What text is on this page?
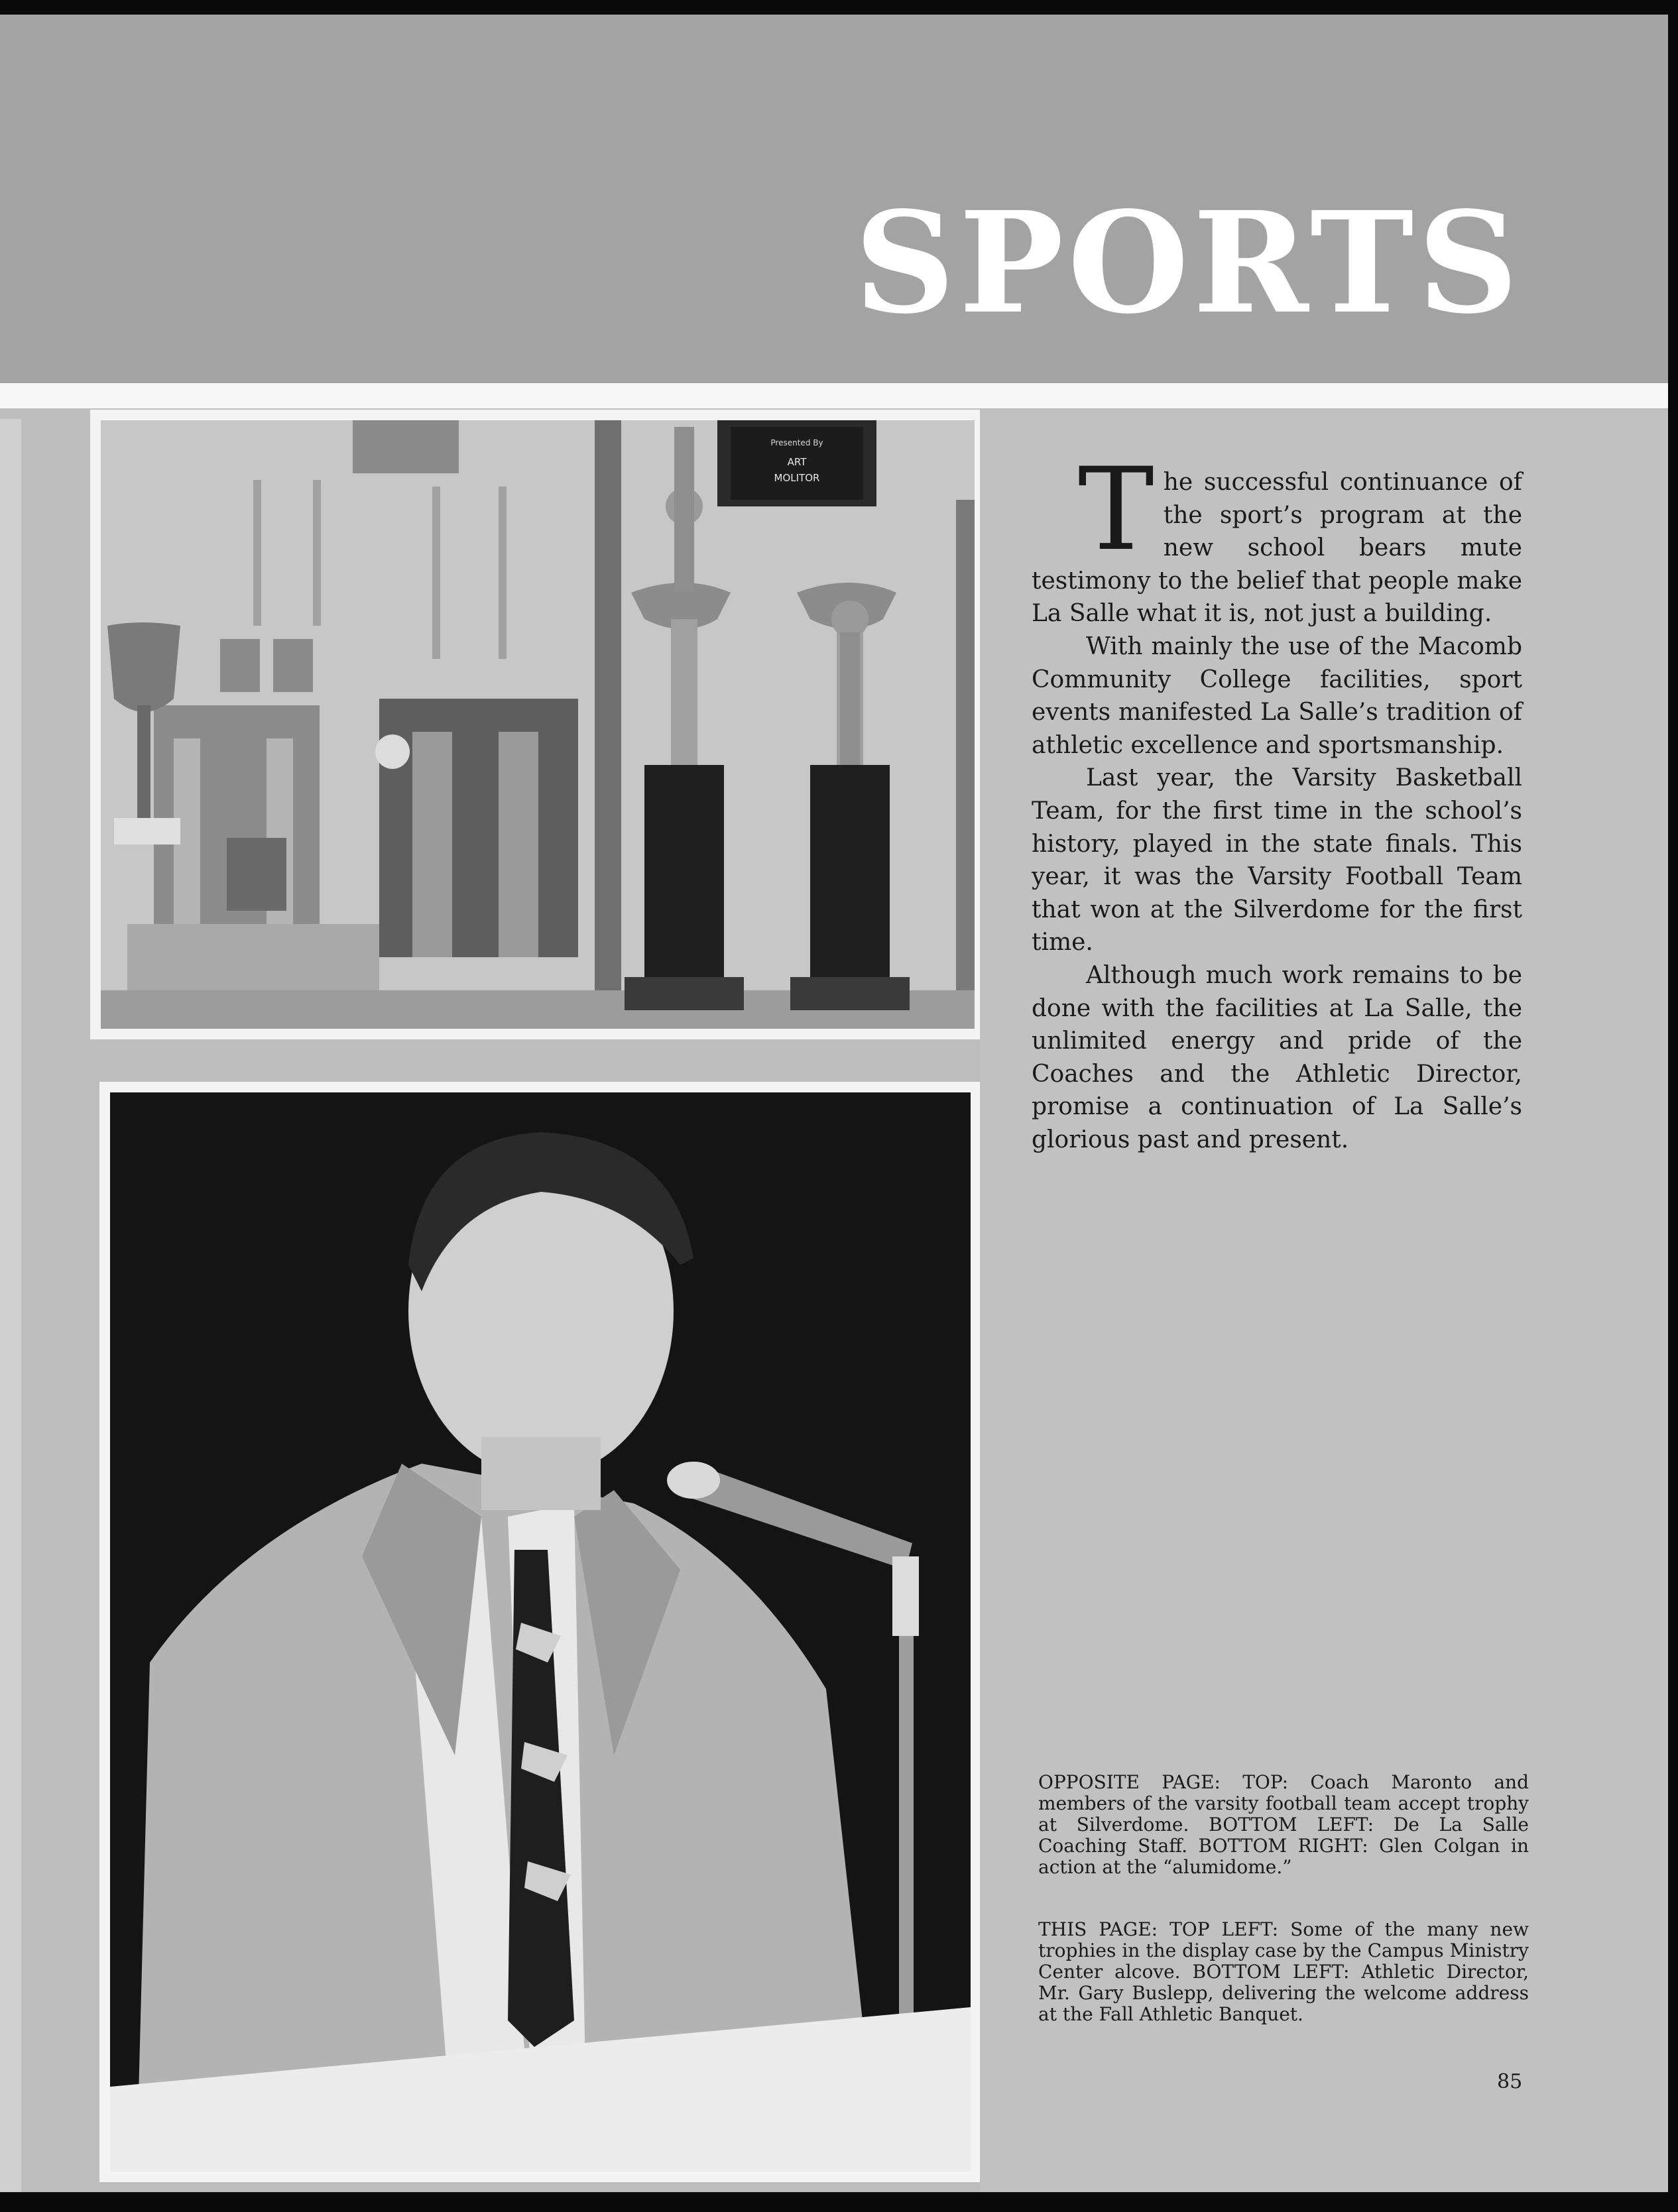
SPORTS
Presented By
ART
MOLITOR The successful continuance of the sport’s program at the new school bears mute testimony to the belief that people make La Salle what it is, not just a building.

With mainly the use of the Macomb Community College facilities, sport events manifested La Salle’s tradition of athletic excellence and sportsmanship.

Last year, the Varsity Basketball Team, for the first time in the school’s history, played in the state finals. This year, it was the Varsity Football Team that won at the Silverdome for the first time.

Although much work remains to be done with the facilities at La Salle, the unlimited energy and pride of the Coaches and the Athletic Director, promise a continuation of La Salle’s glorious past and present.

OPPOSITE PAGE: TOP: Coach Maronto and members of the varsity football team accept trophy at Silverdome. BOTTOM LEFT: De La Salle Coaching Staff. BOTTOM RIGHT: Glen Colgan in action at the “alumidome.”

THIS PAGE: TOP LEFT: Some of the many new trophies in the display case by the Campus Ministry Center alcove. BOTTOM LEFT: Athletic Director, Mr. Gary Buslepp, delivering the welcome address at the Fall Athletic Banquet.

85
